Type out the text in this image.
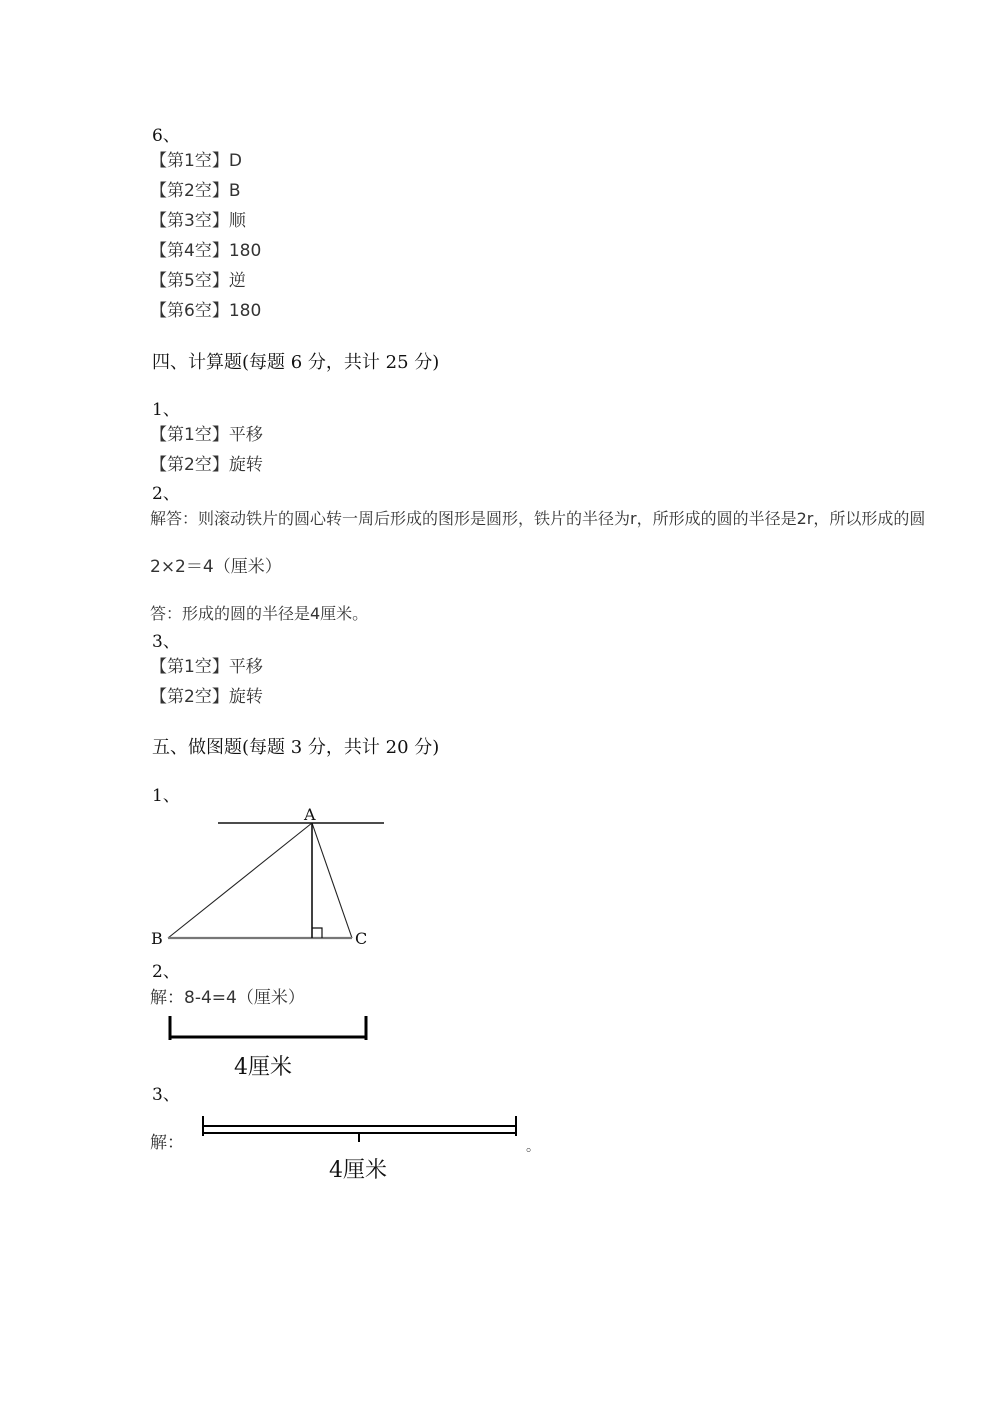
6、
【第1空】D
【第2空】B
【第3空】顺
【第4空】180
【第5空】逆
【第6空】180
四、计算题(每题 6 分，共计 25 分)
1、
【第1空】平移
【第2空】旋转
2、
解答：则滚动铁片的圆心转一周后形成的图形是圆形，铁片的半径为r，所形成的圆的半径是2r，所以形成的圆
2×2＝4（厘米）
答：形成的圆的半径是4厘米。
3、
【第1空】平移
【第2空】旋转
五、做图题(每题 3 分，共计 20 分)
1、
A
B	C
2、
解：8-4=4（厘米）
4厘米
3、
解：
4厘米
。
